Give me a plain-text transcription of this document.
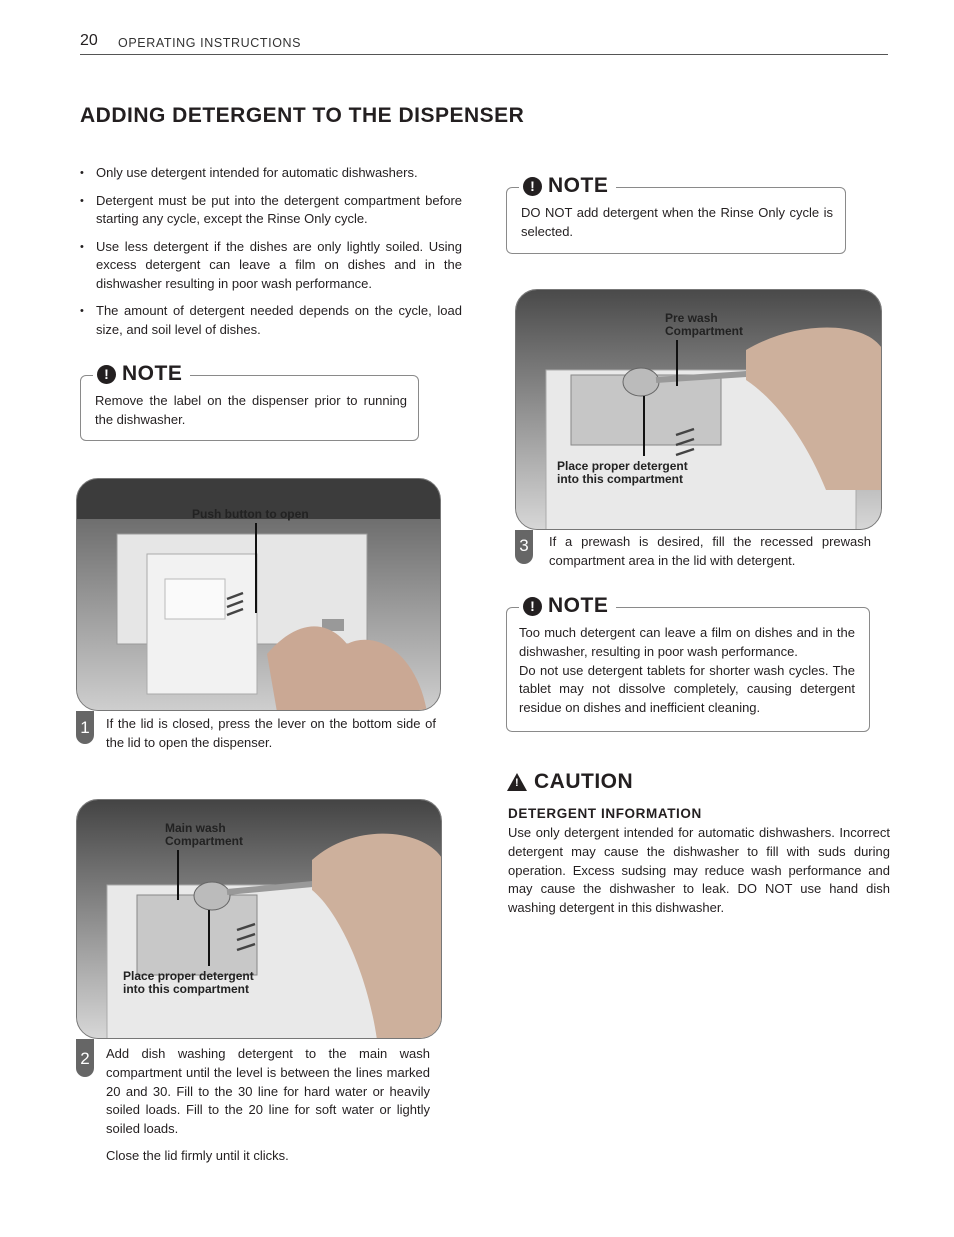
20 OPERATING INSTRUCTIONS
ADDING DETERGENT TO THE DISPENSER
• Only use detergent intended for automatic dishwashers.
• Detergent must be put into the detergent compartment before starting any cycle, except the Rinse Only cycle.
• Use less detergent if the dishes are only lightly soiled. Using excess detergent can leave a film on dishes and in the dishwasher resulting in poor wash performance.
• The amount of detergent needed depends on the cycle, load size, and soil level of dishes.
! NOTE
Remove the label on the dispenser prior to running the dishwasher.
! NOTE
DO NOT add detergent when the Rinse Only cycle is selected.
Push button to open
1	If the lid is closed, press the lever on the bottom side of the lid to open the dispenser.
Main wash
Compartment
Place proper detergent
into this compartment
2	Add dish washing detergent to the main wash compartment until the level is between the lines marked 20 and 30. Fill to the 30 line for hard water or heavily soiled loads. Fill to the 20 line for soft water or lightly soiled loads.
Close the lid firmly until it clicks.
Pre wash
Compartment
Place proper detergent
into this compartment
3	If a prewash is desired, fill the recessed prewash compartment area in the lid with detergent.
! NOTE
Too much detergent can leave a film on dishes and in the dishwasher, resulting in poor wash performance.
Do not use detergent tablets for shorter wash cycles. The tablet may not dissolve completely, causing detergent residue on dishes and inefficient cleaning.
! CAUTION
DETERGENT INFORMATION
Use only detergent intended for automatic dishwashers. Incorrect detergent may cause the dishwasher to fill with suds during operation. Excess sudsing may reduce wash performance and may cause the dishwasher to leak. DO NOT use hand dish washing detergent in this dishwasher.
